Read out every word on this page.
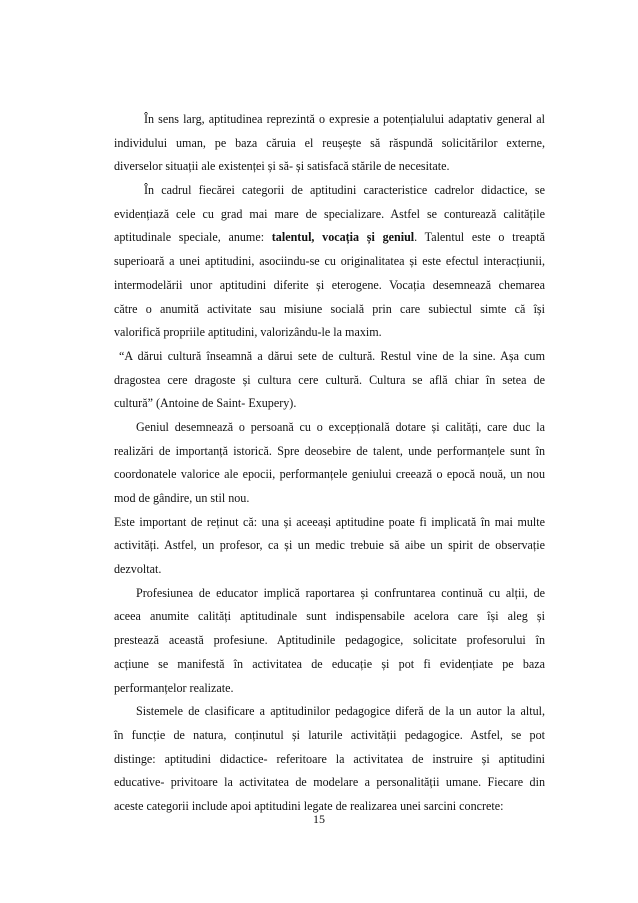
În sens larg, aptitudinea reprezintă o expresie a potențialului adaptativ general al
individului uman, pe baza căruia el reușește să răspundă solicitărilor externe,
diverselor situații ale existenței și să- și satisfacă stările de necesitate.
În cadrul fiecărei categorii de aptitudini caracteristice cadrelor didactice, se
evidențiază cele cu grad mai mare de specializare. Astfel se conturează calitățile
aptitudinale speciale, anume: talentul, vocația și geniul. Talentul este o treaptă
superioară a unei aptitudini, asociindu-se cu originalitatea și este efectul interacțiunii,
intermodelării unor aptitudini diferite și eterogene. Vocația desemnează chemarea
către o anumită activitate sau misiune socială prin care subiectul simte că își
valorifică propriile aptitudini, valorizându-le la maxim.
“A dărui cultură înseamnă a dărui sete de cultură. Restul vine de la sine. Așa cum
dragostea cere dragoste și cultura cere cultură. Cultura se află chiar în setea de
cultură” (Antoine de Saint- Exupery).
Geniul desemnează o persoană cu o excepțională dotare și calități, care duc la
realizări de importanță istorică. Spre deosebire de talent, unde performanțele sunt în
coordonatele valorice ale epocii, performanțele geniului creează o epocă nouă, un nou
mod de gândire, un stil nou.
Este important de reținut că: una și aceeași aptitudine poate fi implicată în mai multe
activități. Astfel, un profesor, ca și un medic trebuie să aibe un spirit de observație
dezvoltat.
Profesiunea de educator implică raportarea și confruntarea continuă cu alții, de
aceea anumite calități aptitudinale sunt indispensabile acelora care își aleg și
prestează această profesiune. Aptitudinile pedagogice, solicitate profesorului în
acțiune se manifestă în activitatea de educație și pot fi evidențiate pe baza
performanțelor realizate.
Sistemele de clasificare a aptitudinilor pedagogice diferă de la un autor la altul,
în funcție de natura, conținutul și laturile activității pedagogice. Astfel, se pot
distinge: aptitudini didactice- referitoare la activitatea de instruire și aptitudini
educative- privitoare la activitatea de modelare a personalității umane. Fiecare din
aceste categorii include apoi aptitudini legate de realizarea unei sarcini concrete:
15
